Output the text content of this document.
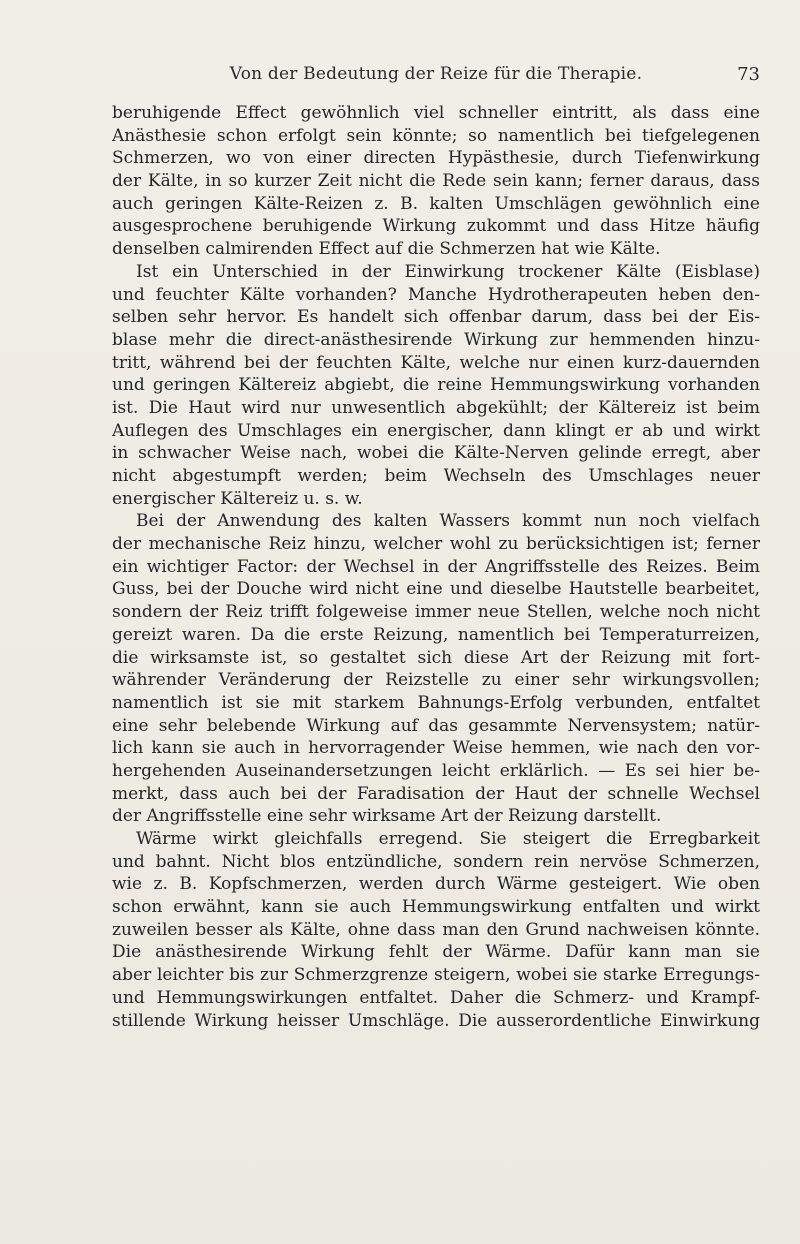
Von der Bedeutung der Reize für die Therapie.	73
beruhigende Effect gewöhnlich viel schneller eintritt, als dass eine
Anästhesie schon erfolgt sein könnte; so namentlich bei tiefgelegenen
Schmerzen, wo von einer directen Hypästhesie, durch Tiefenwirkung
der Kälte, in so kurzer Zeit nicht die Rede sein kann; ferner daraus, dass
auch geringen Kälte-Reizen z. B. kalten Umschlägen gewöhnlich eine
ausgesprochene beruhigende Wirkung zukommt und dass Hitze häufig
denselben calmirenden Effect auf die Schmerzen hat wie Kälte.
Ist ein Unterschied in der Einwirkung trockener Kälte (Eisblase)
und feuchter Kälte vorhanden? Manche Hydrotherapeuten heben den-
selben sehr hervor. Es handelt sich offenbar darum, dass bei der Eis-
blase mehr die direct-anästhesirende Wirkung zur hemmenden hinzu-
tritt, während bei der feuchten Kälte, welche nur einen kurz-dauernden
und geringen Kältereiz abgiebt, die reine Hemmungswirkung vorhanden
ist. Die Haut wird nur unwesentlich abgekühlt; der Kältereiz ist beim
Auflegen des Umschlages ein energischer, dann klingt er ab und wirkt
in schwacher Weise nach, wobei die Kälte-Nerven gelinde erregt, aber
nicht abgestumpft werden; beim Wechseln des Umschlages neuer
energischer Kältereiz u. s. w.
Bei der Anwendung des kalten Wassers kommt nun noch vielfach
der mechanische Reiz hinzu, welcher wohl zu berücksichtigen ist; ferner
ein wichtiger Factor: der Wechsel in der Angriffsstelle des Reizes. Beim
Guss, bei der Douche wird nicht eine und dieselbe Hautstelle bearbeitet,
sondern der Reiz trifft folgeweise immer neue Stellen, welche noch nicht
gereizt waren. Da die erste Reizung, namentlich bei Temperaturreizen,
die wirksamste ist, so gestaltet sich diese Art der Reizung mit fort-
währender Veränderung der Reizstelle zu einer sehr wirkungsvollen;
namentlich ist sie mit starkem Bahnungs-Erfolg verbunden, entfaltet
eine sehr belebende Wirkung auf das gesammte Nervensystem; natür-
lich kann sie auch in hervorragender Weise hemmen, wie nach den vor-
hergehenden Auseinandersetzungen leicht erklärlich. — Es sei hier be-
merkt, dass auch bei der Faradisation der Haut der schnelle Wechsel
der Angriffsstelle eine sehr wirksame Art der Reizung darstellt.
Wärme wirkt gleichfalls erregend. Sie steigert die Erregbarkeit
und bahnt. Nicht blos entzündliche, sondern rein nervöse Schmerzen,
wie z. B. Kopfschmerzen, werden durch Wärme gesteigert. Wie oben
schon erwähnt, kann sie auch Hemmungswirkung entfalten und wirkt
zuweilen besser als Kälte, ohne dass man den Grund nachweisen könnte.
Die anästhesirende Wirkung fehlt der Wärme. Dafür kann man sie
aber leichter bis zur Schmerzgrenze steigern, wobei sie starke Erregungs-
und Hemmungswirkungen entfaltet. Daher die Schmerz- und Krampf-
stillende Wirkung heisser Umschläge. Die ausserordentliche Einwirkung
